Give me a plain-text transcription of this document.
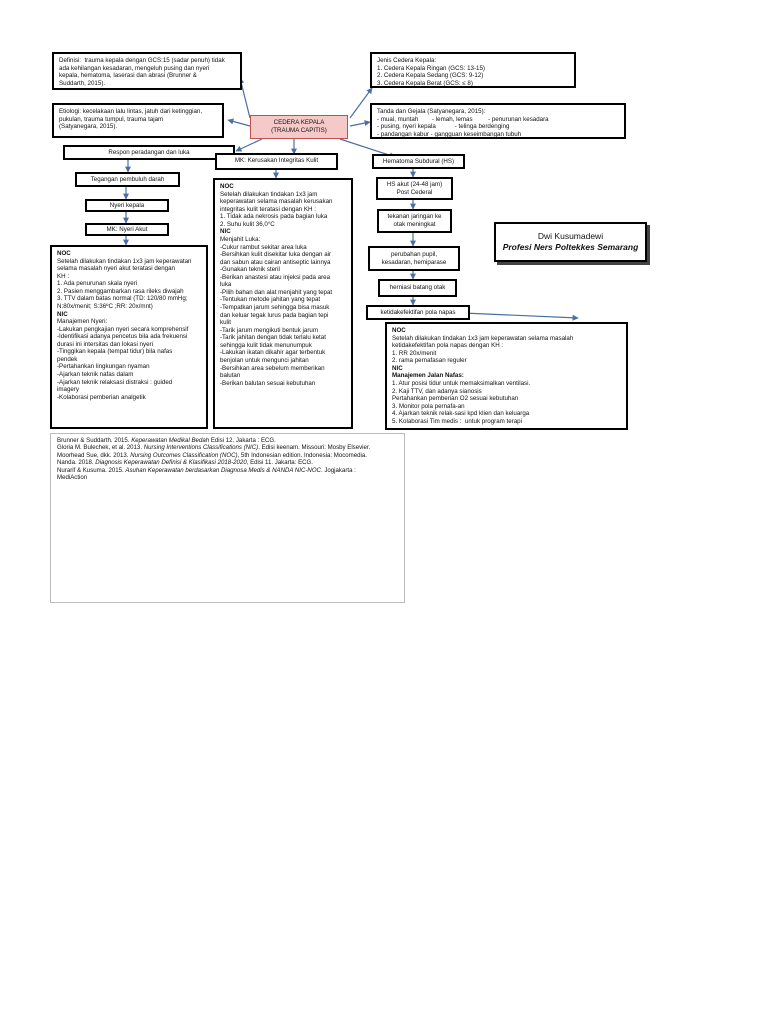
Definisi:  trauma kepala dengan GCS:15 (sadar penuh) tidak
ada kehilangan kesadaran, mengeluh pusing dan nyeri
kepala, hematoma, laserasi dan abrasi (Brunner &
Suddarth, 2015).
Etiologi: kecelakaan lalu lintas, jatuh dari ketinggian,
pukulan, trauma tumpul, trauma tajam
(Satyanegara, 2015).
CEDERA KEPALA
(TRAUMA CAPITIS)
Jenis Cedera Kepala:
1. Cedera Kepala Ringan (GCS: 13-15)
2. Cedera Kepala Sedang (GCS: 9-12)
3. Cedera Kepala Berat (GCS: ≤ 8)
Tanda dan Gejala (Satyanegara, 2015):
- mual, muntah        - lemah, lemas         - penurunan kesadara
- pusing, nyeri kepala           - telinga berdenging
- pandangan kabur - gangguan keseimbangan tubuh
Respon peradangan dan luka
Tegangan pembuluh darah
Nyeri kepala
MK: Nyeri Akut
MK: Kerusakan Integritas Kulit	Hematoma Subdural (HS)
HS akut (24-48 jam)
Post Cederal
tekanan jaringan ke
otak meningkat
perubahan pupil,
kesadaran, hemiparase
herniasi batang otak
ketidakefektifan pola napas
Dwi Kusumadewi
Profesi Ners Poltekkes Semarang
NOC
Setelah dilakukan tindakan 1x3 jam keperawatan
selama masalah nyeri akut teratasi dengan
KH :
1. Ada penurunan skala nyeri
2. Pasien menggambarkan rasa rileks diwajah
3. TTV dalam batas normal (TD: 120/80 mmHg;
N:80x/menit; S:36ºC ;RR: 20x/mnt)
NIC
Manajemen Nyeri:
-Lakukan pengkajian nyeri secara komprehensif
-Identifikasi adanya pencetus bila ada frekuensi
durasi ini intersitas dan lokasi nyeri
-Tinggikan kepala (tempat tidur) bila nafas
pendek
-Pertahankan lingkungan nyaman
-Ajarkan teknik nafas dalam
-Ajarkan teknik relaksasi distraksi : guided
imagery
-Kolaborasi pemberian analgetik
NOC
Setelah dilakukan tindakan 1x3 jam
keperawatan selama masalah kerusakan
integritas kulit teratasi dengan KH :
1. Tidak ada nekrosis pada bagian luka
2. Suhu kulit 36,0°C
NIC
Menjahit Luka:
-Cukur rambut sekitar area luka
-Bersihkan kulit disekitar luka dengan air
dan sabun atau cairan antiseptic lainnya
-Gunakan teknik steril
-Berikan anastesi atau injeksi pada area
luka
-Pilih bahan dan alat menjahit yang tepat
-Tentukan metode jahitan yang tepat
-Tempatkan jarum sehingga bisa masuk
dan keluar tegak lurus pada bagian tepi
kulit
-Tarik jarum mengikuti bentuk jarum
-Tarik jahitan dengan tidak terlalu ketat
sehingga kulit tidak menunumpuk
-Lakukan ikatan dikahir agar terbentuk
benjolan untuk mengunci jahitan
-Bersihkan area sebelum memberikan
balutan
-Berikan balutan sesuai kebutuhan
NOC
Setelah dilakukan tindakan 1x3 jam keperawatan selama masalah
ketidakefektifan pola napas dengan KH :
1. RR 20x/menit
2. rama pernafasan reguler
NIC
Manajemen Jalan Nafas:
1. Atur posisi tidur untuk memaksimalkan ventilasi.
2. Kaji TTV, dan adanya sianosis
Pertahankan pemberian O2 sesuai kebutuhan
3. Monitor pola pernafa-an
4. Ajarkan teknik relak-sasi kpd klien dan keluarga
5. Kolaborasi Tim medis :  untuk program terapi
Brunner & Suddarth. 2015. Keperawatan Medikal Bedah Edisi 12. Jakarta : ECG.
Gloria M. Bulechek, et al. 2013. Nursing Interventions Classifications (NIC). Edisi keenam. Missouri: Mosby Elsevier.
Moorhead Sue, dkk. 2013. Nursing Outcomes Classification (NOC), 5th Indonesian edition. Indonesia: Mocomedia.
Nanda. 2018. Diagnosis Keperawatan Definisi & Klasifikasi 2018-2020, Edisi 11. Jakarta: ECG.
Nurarif & Kusuma. 2015. Asuhan Keperawatan berdasarkan Diagnosa Medis & NANDA NIC-NOC. Jogjakarta :
MediAction
